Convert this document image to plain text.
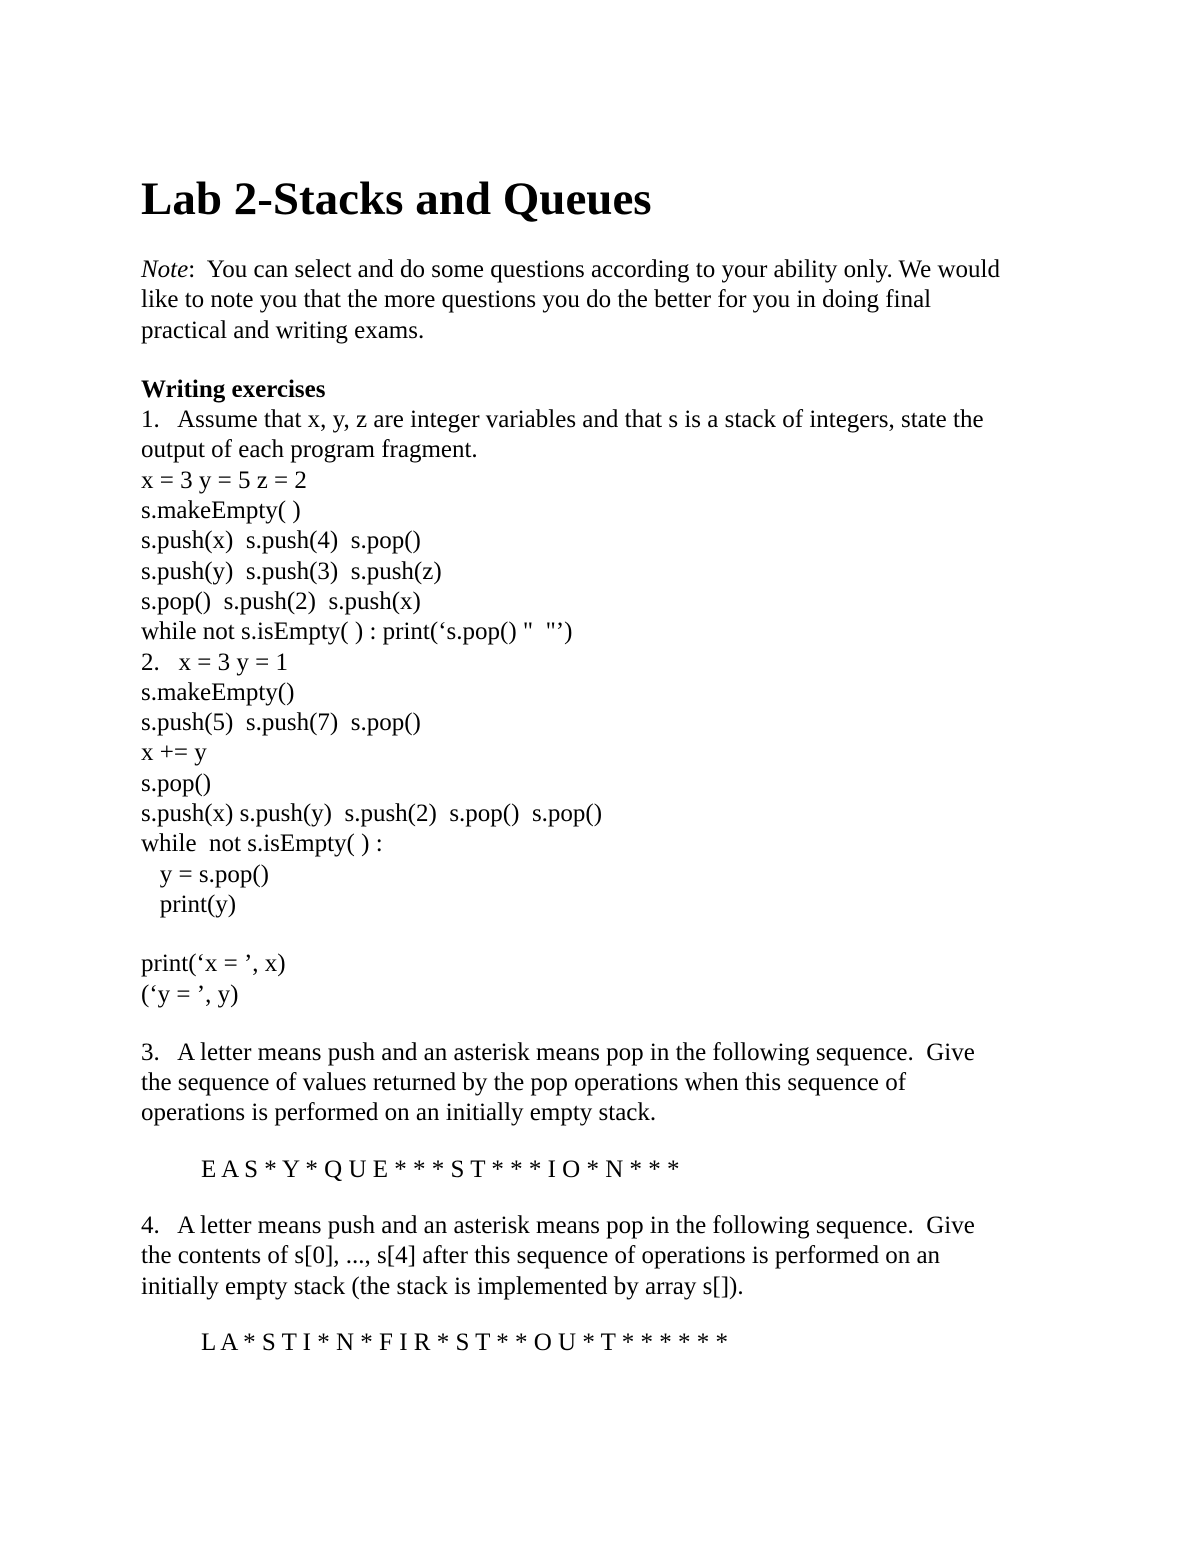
Lab 2-Stacks and Queues
Note:  You can select and do some questions according to your ability only. We would
like to note you that the more questions you do the better for you in doing final
practical and writing exams.
Writing exercises
1.   Assume that x, y, z are integer variables and that s is a stack of integers, state the
output of each program fragment.
x = 3 y = 5 z = 2
s.makeEmpty( )
s.push(x)  s.push(4)  s.pop()
s.push(y)  s.push(3)  s.push(z)
s.pop()  s.push(2)  s.push(x)
while not s.isEmpty( ) : print(‘s.pop() "  "’)
2.   x = 3 y = 1
s.makeEmpty()
s.push(5)  s.push(7)  s.pop()
x += y
s.pop()
s.push(x) s.push(y)  s.push(2)  s.pop()  s.pop()
while  not s.isEmpty( ) :
y = s.pop()
print(y)
print(‘x = ’, x)
(‘y = ’, y)
3.   A letter means push and an asterisk means pop in the following sequence.  Give
the sequence of values returned by the pop operations when this sequence of
operations is performed on an initially empty stack.
E A S * Y * Q U E * * * S T * * * I O * N * * *
4.   A letter means push and an asterisk means pop in the following sequence.  Give
the contents of s[0], ..., s[4] after this sequence of operations is performed on an
initially empty stack (the stack is implemented by array s[]).
L A * S T I * N * F I R * S T * * O U * T * * * * * *
